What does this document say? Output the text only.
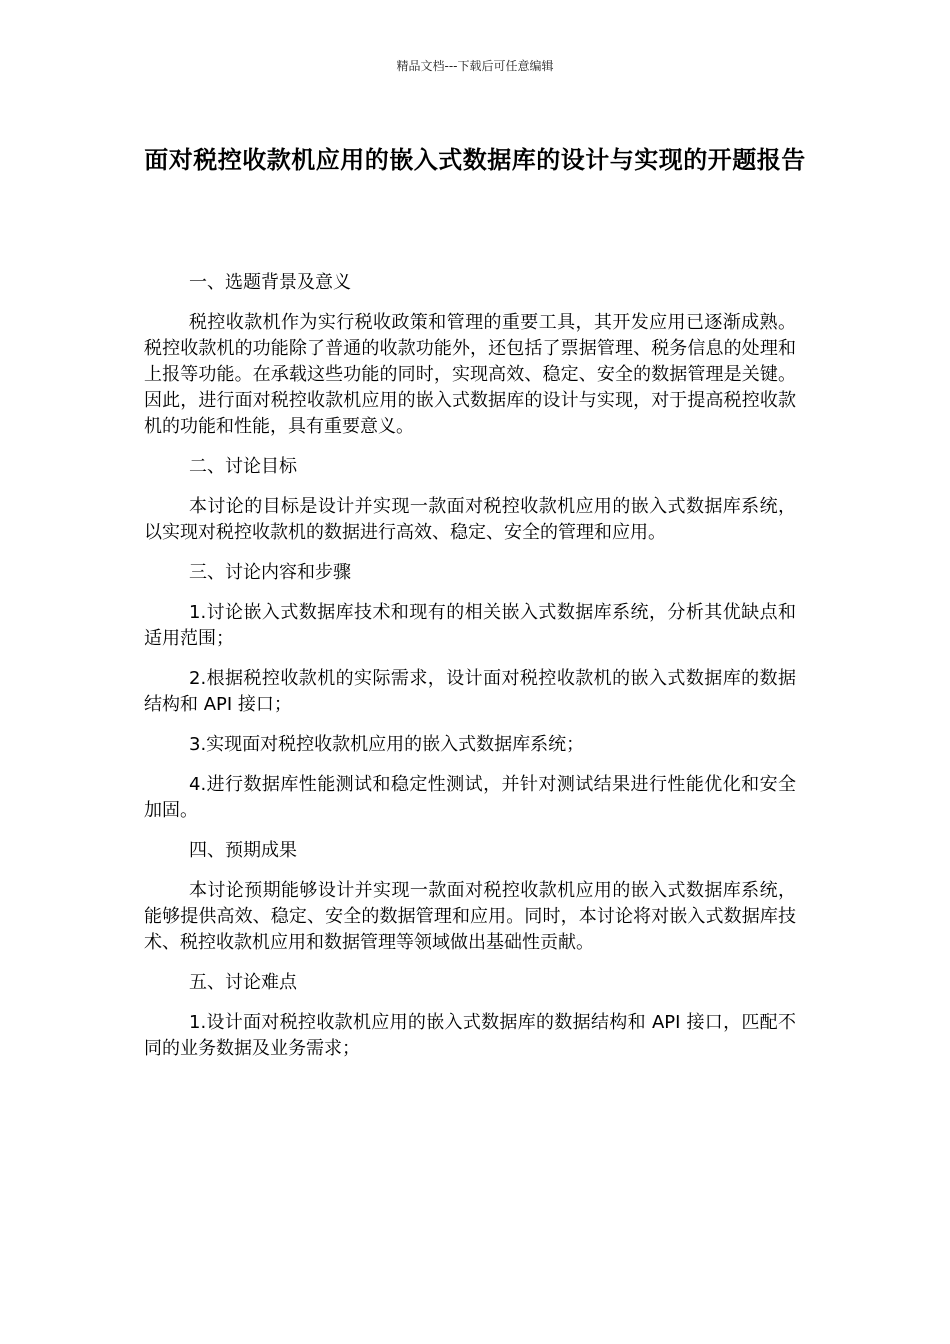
精品文档---下载后可任意编辑
面对税控收款机应用的嵌入式数据库的设计与实现的开题报告

一、选题背景及意义

税控收款机作为实行税收政策和管理的重要工具，其开发应用已逐渐成熟。税控收款机的功能除了普通的收款功能外，还包括了票据管理、税务信息的处理和上报等功能。在承载这些功能的同时，实现高效、稳定、安全的数据管理是关键。因此，进行面对税控收款机应用的嵌入式数据库的设计与实现，对于提高税控收款机的功能和性能，具有重要意义。

二、讨论目标

本讨论的目标是设计并实现一款面对税控收款机应用的嵌入式数据库系统，以实现对税控收款机的数据进行高效、稳定、安全的管理和应用。

三、讨论内容和步骤

1.讨论嵌入式数据库技术和现有的相关嵌入式数据库系统，分析其优缺点和适用范围；

2.根据税控收款机的实际需求，设计面对税控收款机的嵌入式数据库的数据结构和 API 接口；

3.实现面对税控收款机应用的嵌入式数据库系统；

4.进行数据库性能测试和稳定性测试，并针对测试结果进行性能优化和安全加固。

四、预期成果

本讨论预期能够设计并实现一款面对税控收款机应用的嵌入式数据库系统，能够提供高效、稳定、安全的数据管理和应用。同时，本讨论将对嵌入式数据库技术、税控收款机应用和数据管理等领域做出基础性贡献。

五、讨论难点

1.设计面对税控收款机应用的嵌入式数据库的数据结构和 API 接口，匹配不同的业务数据及业务需求；
